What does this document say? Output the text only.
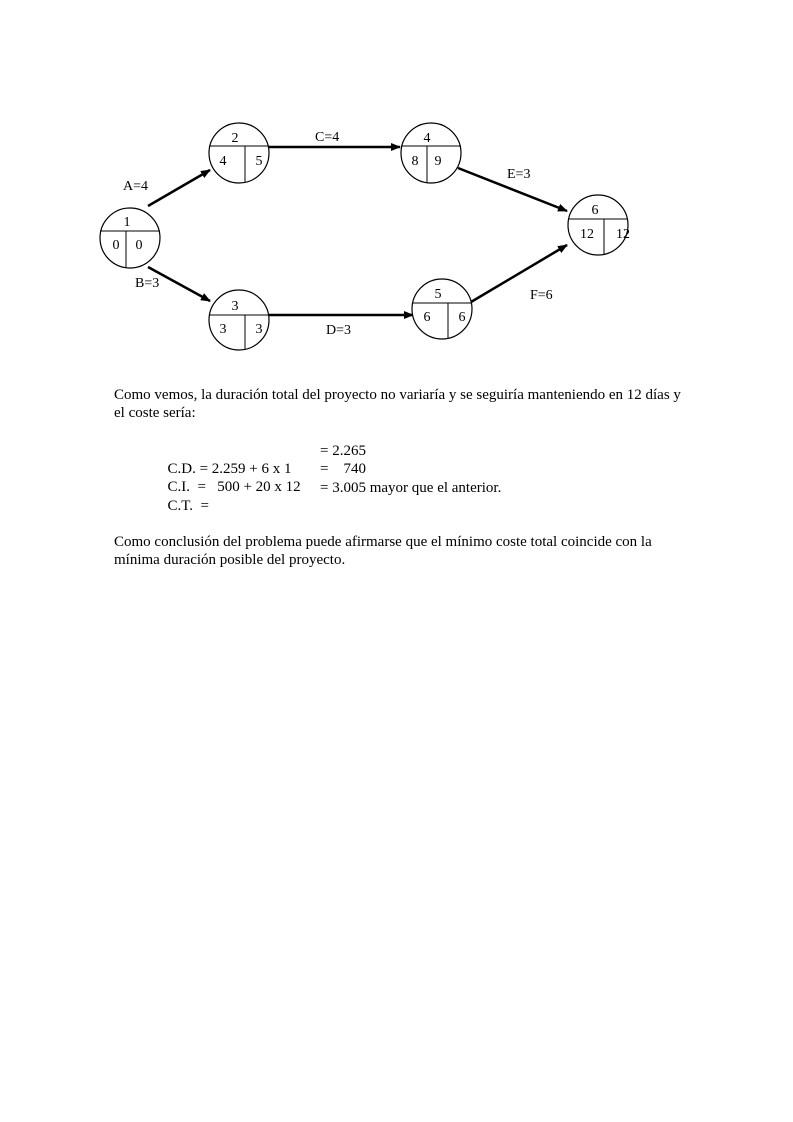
A=4
B=3
C=4
D=3
E=3
F=6
1
0 0
2
4 5
3
3 3
4
8 9
5
6 6
6
12 12

Como vemos, la duración total del proyecto no variaría y se seguiría manteniendo en 12 días y el coste sería:

C.D. = 2.259 + 6 x 1

= 2.265

C.I.  =   500 + 20 x 12

=    740

C.T.  =

= 3.005 mayor que el anterior.

Como conclusión del problema puede afirmarse que el mínimo coste total coincide con la mínima duración posible del proyecto.
